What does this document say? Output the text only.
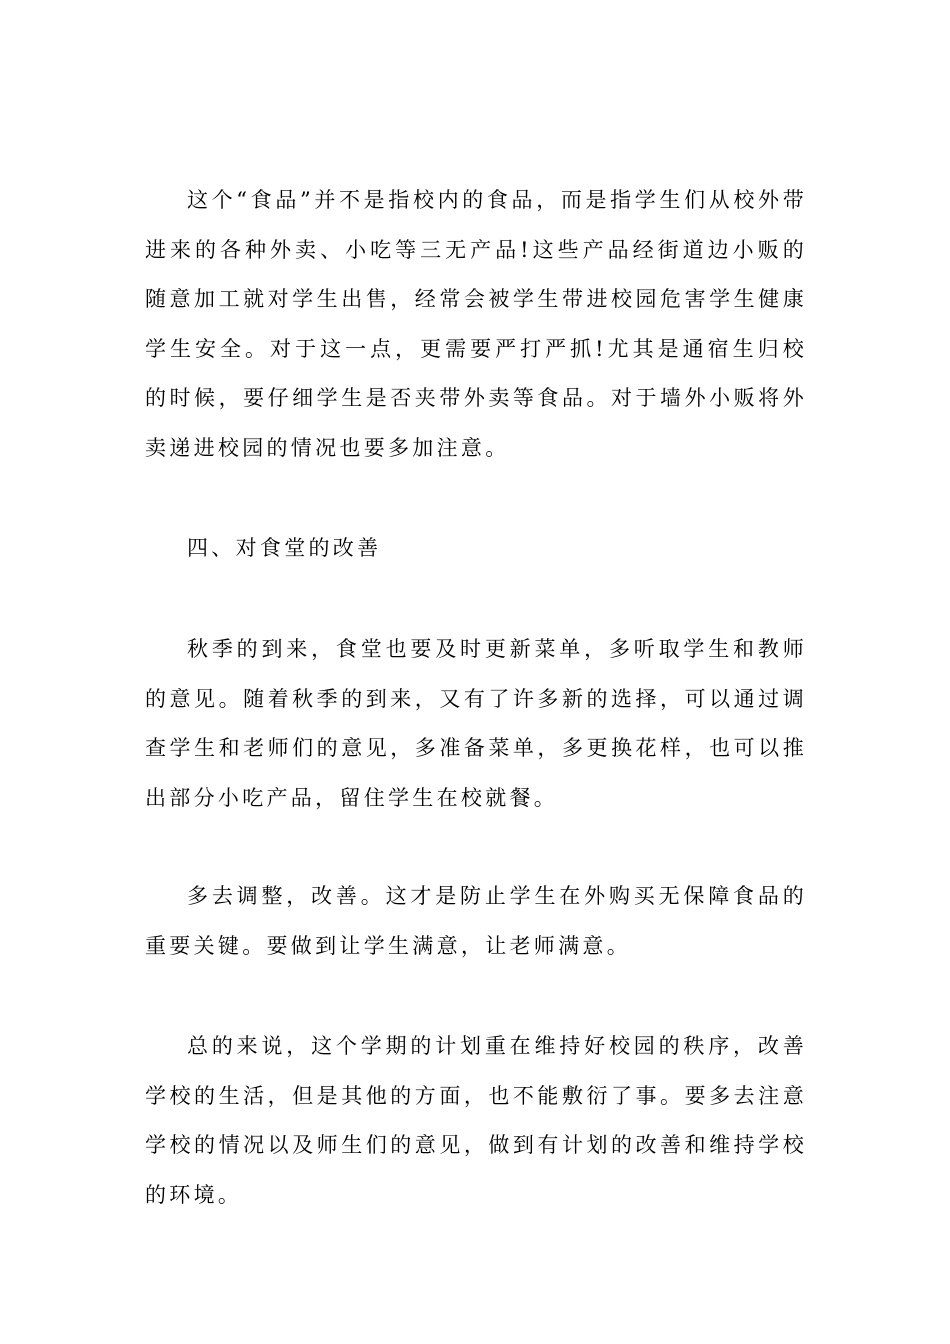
这个“食品”并不是指校内的食品，而是指学生们从校外带进来的各种外卖、小吃等三无产品!这些产品经街道边小贩的随意加工就对学生出售，经常会被学生带进校园危害学生健康学生安全。对于这一点，更需要严打严抓!尤其是通宿生归校的时候，要仔细学生是否夹带外卖等食品。对于墙外小贩将外卖递进校园的情况也要多加注意。

四、对食堂的改善

秋季的到来，食堂也要及时更新菜单，多听取学生和教师的意见。随着秋季的到来，又有了许多新的选择，可以通过调查学生和老师们的意见，多准备菜单，多更换花样，也可以推出部分小吃产品，留住学生在校就餐。

多去调整，改善。这才是防止学生在外购买无保障食品的重要关键。要做到让学生满意，让老师满意。

总的来说，这个学期的计划重在维持好校园的秩序，改善学校的生活，但是其他的方面，也不能敷衍了事。要多去注意学校的情况以及师生们的意见，做到有计划的改善和维持学校的环境。
